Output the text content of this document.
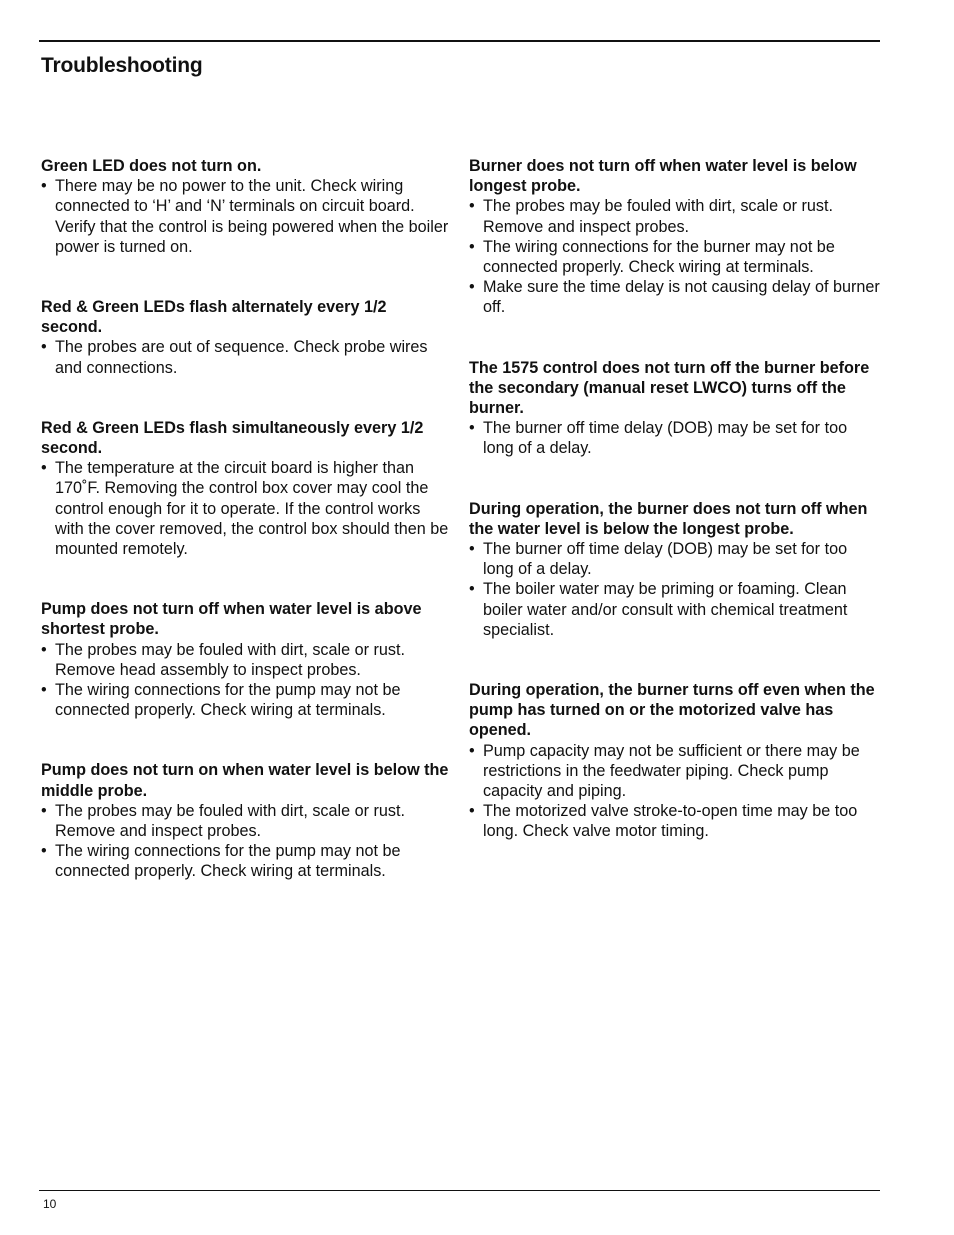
Troubleshooting
Green LED does not turn on.
• There may be no power to the unit. Check wiring connected to ‘H’ and ‘N’ terminals on circuit board. Verify that the control is being powered when the boiler power is turned on.
Red & Green LEDs flash alternately every 1/2 second.
• The probes are out of sequence. Check probe wires and connections.
Red & Green LEDs flash simultaneously every 1/2 second.
• The temperature at the circuit board is higher than 170˚F. Removing the control box cover may cool the control enough for it to operate. If the control works with the cover removed, the control box should then be mounted remotely.
Pump does not turn off when water level is above shortest probe.
• The probes may be fouled with dirt, scale or rust. Remove head assembly to inspect probes.
• The wiring connections for the pump may not be connected properly. Check wiring at terminals.
Pump does not turn on when water level is below the middle probe.
• The probes may be fouled with dirt, scale or rust. Remove and inspect probes.
• The wiring connections for the pump may not be connected properly. Check wiring at terminals.
Burner does not turn off when water level is below longest probe.
• The probes may be fouled with dirt, scale or rust. Remove and inspect probes.
• The wiring connections for the burner may not be connected properly. Check wiring at terminals.
• Make sure the time delay is not causing delay of burner off.
The 1575 control does not turn off the burner before the secondary (manual reset LWCO) turns off the burner.
• The burner off time delay (DOB) may be set for too long of a delay.
During operation, the burner does not turn off when the water level is below the longest probe.
• The burner off time delay (DOB) may be set for too long of a delay.
• The boiler water may be priming or foaming. Clean boiler water and/or consult with chemical treatment specialist.
During operation, the burner turns off even when the pump has turned on or the motorized valve has opened.
• Pump capacity may not be sufficient or there may be restrictions in the feedwater piping. Check pump capacity and piping.
• The motorized valve stroke-to-open time may be too long. Check valve motor timing.
10
